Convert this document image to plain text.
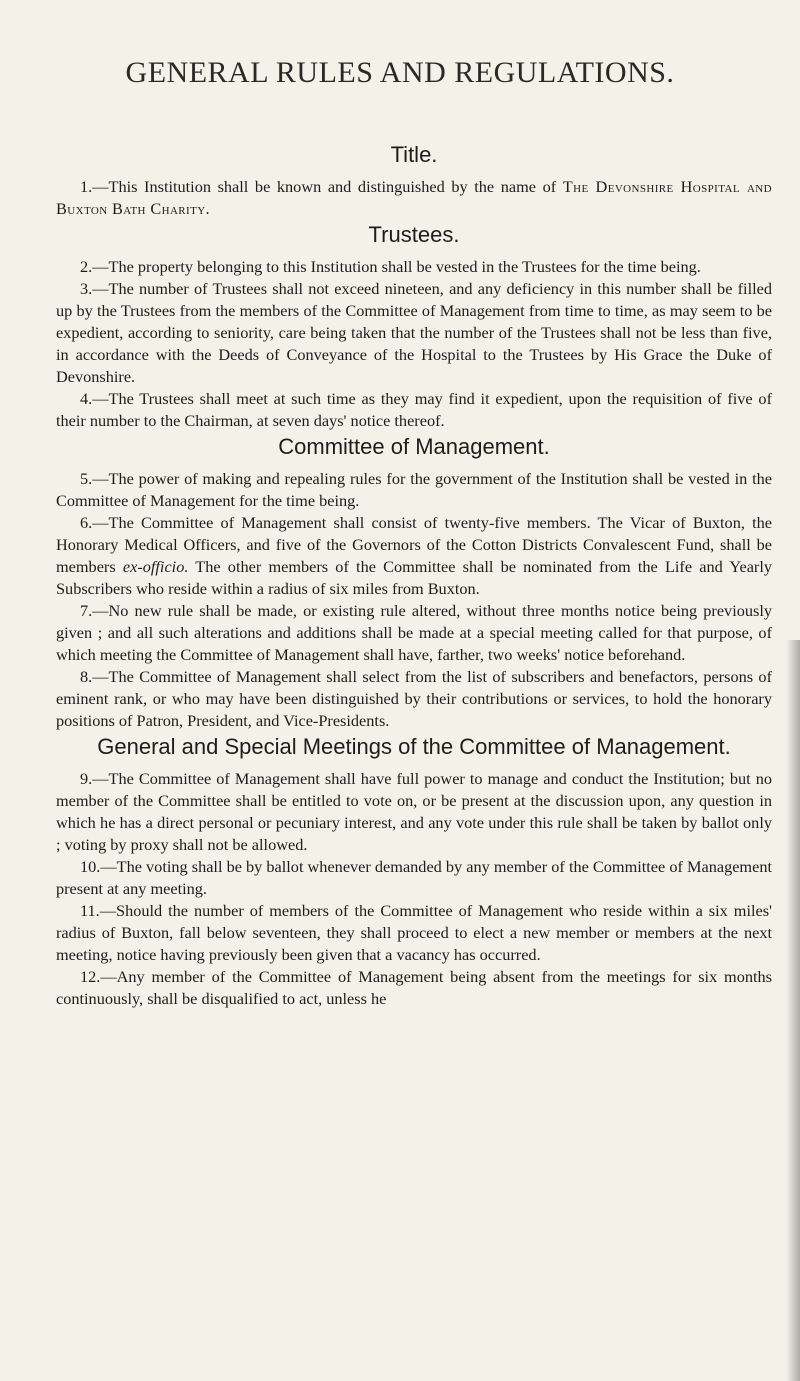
GENERAL RULES AND REGULATIONS.
Title.

1.—This Institution shall be known and distinguished by the name of The Devonshire Hospital and Buxton Bath Charity.

Trustees.

2.—The property belonging to this Institution shall be vested in the Trustees for the time being.

3.—The number of Trustees shall not exceed nineteen, and any deficiency in this number shall be filled up by the Trustees from the members of the Committee of Management from time to time, as may seem to be expedient, according to seniority, care being taken that the number of the Trustees shall not be less than five, in accordance with the Deeds of Conveyance of the Hospital to the Trustees by His Grace the Duke of Devonshire.

4.—The Trustees shall meet at such time as they may find it expedient, upon the requisition of five of their number to the Chairman, at seven days' notice thereof.

Committee of Management.

5.—The power of making and repealing rules for the government of the Institution shall be vested in the Committee of Management for the time being.

6.—The Committee of Management shall consist of twenty-five members. The Vicar of Buxton, the Honorary Medical Officers, and five of the Governors of the Cotton Districts Convalescent Fund, shall be members ex-officio. The other members of the Committee shall be nominated from the Life and Yearly Subscribers who reside within a radius of six miles from Buxton.

7.—No new rule shall be made, or existing rule altered, without three months notice being previously given ; and all such alterations and additions shall be made at a special meeting called for that purpose, of which meeting the Committee of Management shall have, farther, two weeks' notice beforehand.

8.—The Committee of Management shall select from the list of subscribers and benefactors, persons of eminent rank, or who may have been distinguished by their contributions or services, to hold the honorary positions of Patron, President, and Vice-Presidents.

General and Special Meetings of the Committee of Management.

9.—The Committee of Management shall have full power to manage and conduct the Institution; but no member of the Committee shall be entitled to vote on, or be present at the discussion upon, any question in which he has a direct personal or pecuniary interest, and any vote under this rule shall be taken by ballot only ; voting by proxy shall not be allowed.

10.—The voting shall be by ballot whenever demanded by any member of the Committee of Management present at any meeting.

11.—Should the number of members of the Committee of Management who reside within a six miles' radius of Buxton, fall below seventeen, they shall proceed to elect a new member or members at the next meeting, notice having previously been given that a vacancy has occurred.

12.—Any member of the Committee of Management being absent from the meetings for six months continuously, shall be disqualified to act, unless he
